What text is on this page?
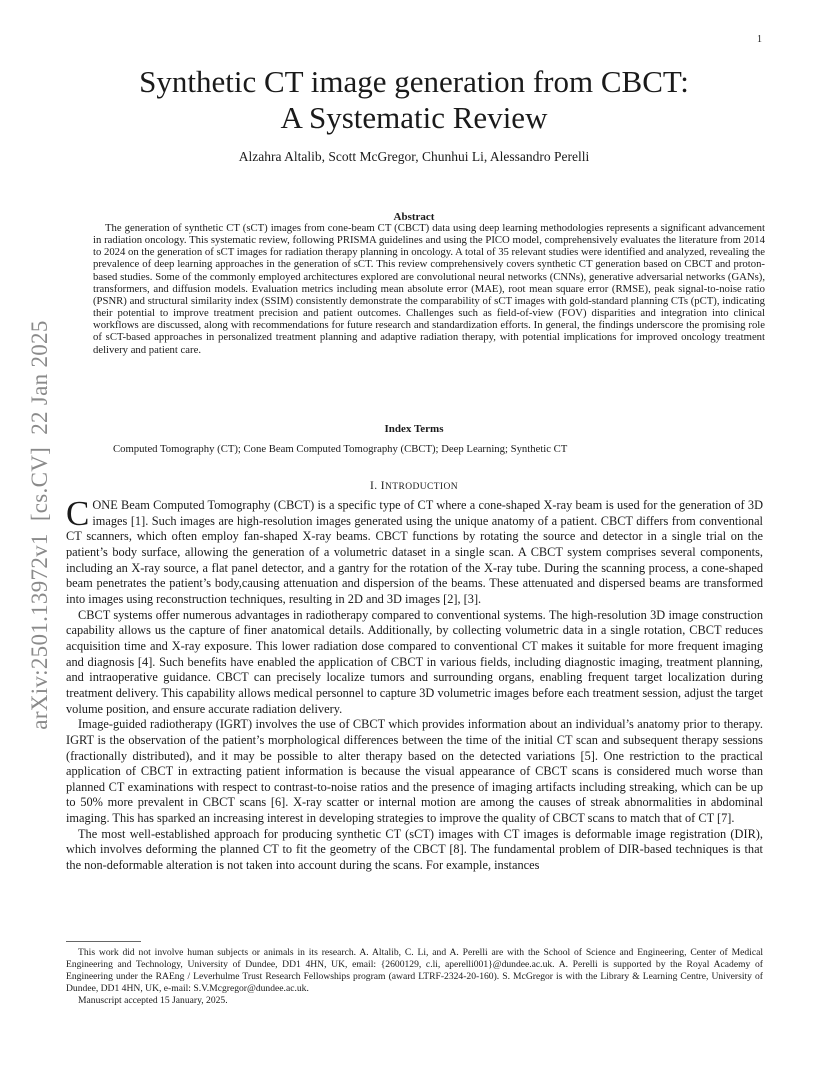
1
arXiv:2501.13972v1  [cs.CV]  22 Jan 2025
Synthetic CT image generation from CBCT:
A Systematic Review
Alzahra Altalib, Scott McGregor, Chunhui Li, Alessandro Perelli
Abstract
The generation of synthetic CT (sCT) images from cone-beam CT (CBCT) data using deep learning methodologies represents a significant advancement in radiation oncology. This systematic review, following PRISMA guidelines and using the PICO model, comprehensively evaluates the literature from 2014 to 2024 on the generation of sCT images for radiation therapy planning in oncology. A total of 35 relevant studies were identified and analyzed, revealing the prevalence of deep learning approaches in the generation of sCT. This review comprehensively covers synthetic CT generation based on CBCT and proton-based studies. Some of the commonly employed architectures explored are convolutional neural networks (CNNs), generative adversarial networks (GANs), transformers, and diffusion models. Evaluation metrics including mean absolute error (MAE), root mean square error (RMSE), peak signal-to-noise ratio (PSNR) and structural similarity index (SSIM) consistently demonstrate the comparability of sCT images with gold-standard planning CTs (pCT), indicating their potential to improve treatment precision and patient outcomes. Challenges such as field-of-view (FOV) disparities and integration into clinical workflows are discussed, along with recommendations for future research and standardization efforts. In general, the findings underscore the promising role of sCT-based approaches in personalized treatment planning and adaptive radiation therapy, with potential implications for improved oncology treatment delivery and patient care.
Index Terms
Computed Tomography (CT); Cone Beam Computed Tomography (CBCT); Deep Learning; Synthetic CT
I. INTRODUCTION

CONE Beam Computed Tomography (CBCT) is a specific type of CT where a cone-shaped X-ray beam is used for the generation of 3D images [1]. Such images are high-resolution images generated using the unique anatomy of a patient. CBCT differs from conventional CT scanners, which often employ fan-shaped X-ray beams. CBCT functions by rotating the source and detector in a single trial on the patient’s body surface, allowing the generation of a volumetric dataset in a single scan. A CBCT system comprises several components, including an X-ray source, a flat panel detector, and a gantry for the rotation of the X-ray tube. During the scanning process, a cone-shaped beam penetrates the patient’s body,causing attenuation and dispersion of the beams. These attenuated and dispersed beams are transformed into images using reconstruction techniques, resulting in 2D and 3D images [2], [3].

CBCT systems offer numerous advantages in radiotherapy compared to conventional systems. The high-resolution 3D image construction capability allows us the capture of finer anatomical details. Additionally, by collecting volumetric data in a single rotation, CBCT reduces acquisition time and X-ray exposure. This lower radiation dose compared to conventional CT makes it suitable for more frequent imaging and diagnosis [4]. Such benefits have enabled the application of CBCT in various fields, including diagnostic imaging, treatment planning, and intraoperative guidance. CBCT can precisely localize tumors and surrounding organs, enabling frequent target localization during treatment delivery. This capability allows medical personnel to capture 3D volumetric images before each treatment session, adjust the target volume position, and ensure accurate radiation delivery.

Image-guided radiotherapy (IGRT) involves the use of CBCT which provides information about an individual’s anatomy prior to therapy. IGRT is the observation of the patient’s morphological differences between the time of the initial CT scan and subsequent therapy sessions (fractionally distributed), and it may be possible to alter therapy based on the detected variations [5]. One restriction to the practical application of CBCT in extracting patient information is because the visual appearance of CBCT scans is considered much worse than planned CT examinations with respect to contrast-to-noise ratios and the presence of imaging artifacts including streaking, which can be up to 50% more prevalent in CBCT scans [6]. X-ray scatter or internal motion are among the causes of streak abnormalities in abdominal imaging. This has sparked an increasing interest in developing strategies to improve the quality of CBCT scans to match that of CT [7].

The most well-established approach for producing synthetic CT (sCT) images with CT images is deformable image registration (DIR), which involves deforming the planned CT to fit the geometry of the CBCT [8]. The fundamental problem of DIR-based techniques is that the non-deformable alteration is not taken into account during the scans. For example, instances

This work did not involve human subjects or animals in its research. A. Altalib, C. Li, and A. Perelli are with the School of Science and Engineering, Center of Medical Engineering and Technology, University of Dundee, DD1 4HN, UK, email: {2600129, c.li, aperelli001}@dundee.ac.uk. A. Perelli is supported by the Royal Academy of Engineering under the RAEng / Leverhulme Trust Research Fellowships program (award LTRF-2324-20-160). S. McGregor is with the Library & Learning Centre, University of Dundee, DD1 4HN, UK, e-mail: S.V.Mcgregor@dundee.ac.uk.

Manuscript accepted 15 January, 2025.
